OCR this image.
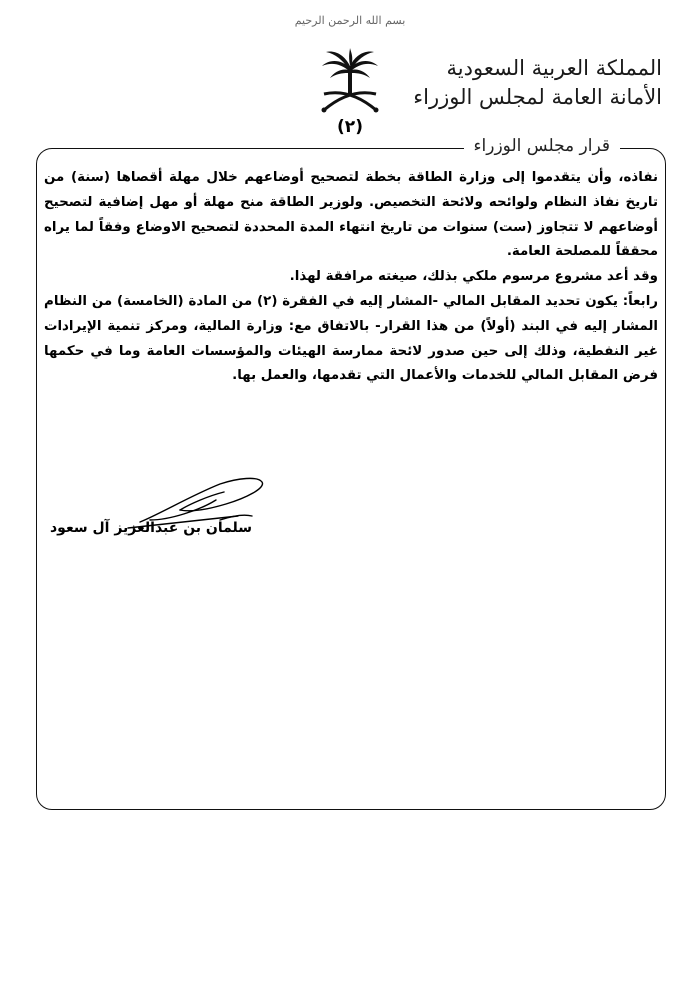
بسم الله الرحمن الرحيم
(٢)
المملكة العربية السعودية
الأمانة العامة لمجلس الوزراء
قرار مجلس الوزراء

نفاذه، وأن يتقدموا إلى وزارة الطاقة بخطة لتصحيح أوضاعهم خلال مهلة أقصاها (سنة) من تاريخ نفاذ النظام ولوائحه ولائحة التخصيص. ولوزير الطاقة منح مهلة أو مهل إضافية لتصحيح أوضاعهم لا تتجاوز (ست) سنوات من تاريخ انتهاء المدة المحددة لتصحيح الاوضاع وفقاً لما يراه محققاً للمصلحة العامة.

وقد أعد مشروع مرسوم ملكي بذلك، صيغته مرافقة لهذا.

رابعاً: يكون تحديد المقابل المالي -المشار إليه في الفقرة (٢) من المادة (الخامسة) من النظام المشار إليه في البند (أولاً) من هذا القرار- بالاتفاق مع: وزارة المالية، ومركز تنمية الإيرادات غير النفطية، وذلك إلى حين صدور لائحة ممارسة الهيئات والمؤسسات العامة وما في حكمها فرض المقابل المالي للخدمات والأعمال التي تقدمها، والعمل بها.

سلمان بن عبدالعزيز آل سعود
